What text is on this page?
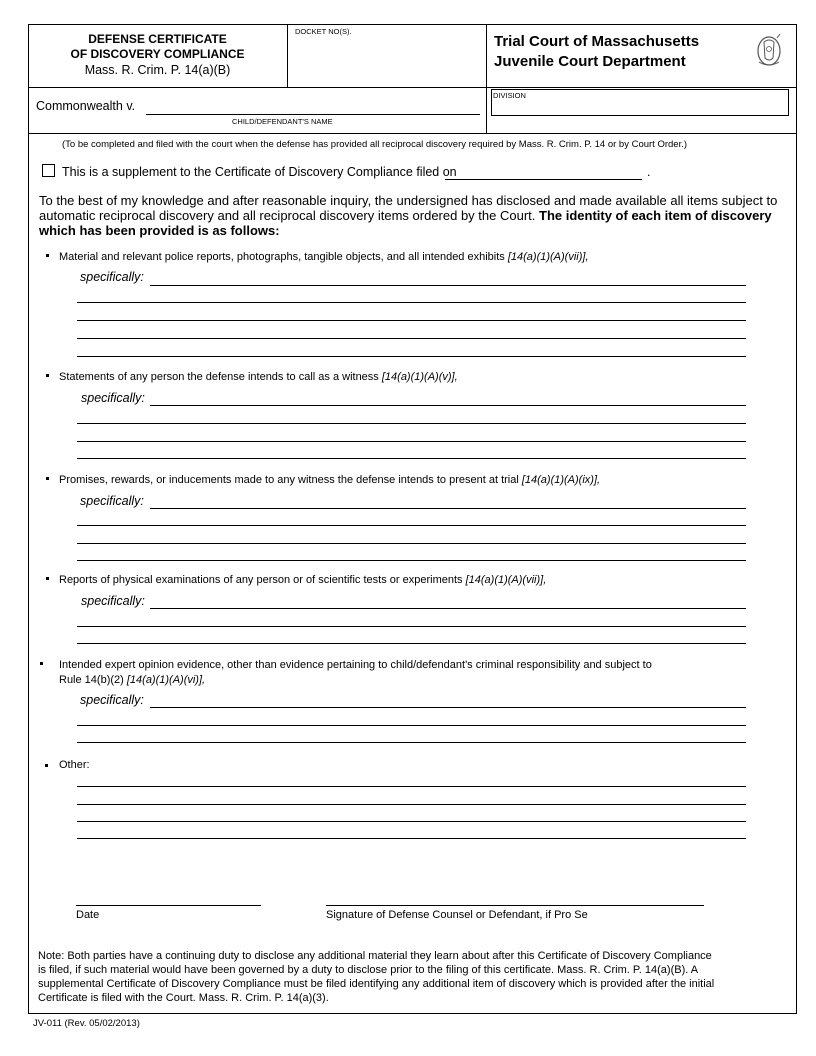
DEFENSE CERTIFICATE
OF DISCOVERY COMPLIANCE
Mass. R. Crim. P. 14(a)(B)
DOCKET NO(S).
Trial Court of Massachusetts
Juvenile Court Department
DIVISION
Commonwealth v.
CHILD/DEFENDANT'S NAME
(To be completed and filed with the court when the defense has provided all reciprocal discovery required by Mass. R. Crim. P. 14 or by Court Order.)
This is a supplement to the Certificate of Discovery Compliance filed on	.
To the best of my knowledge and after reasonable inquiry, the undersigned has disclosed and made available all items subject to automatic reciprocal discovery and all reciprocal discovery items ordered by the Court. The identity of each item of discovery which has been provided is as follows:
Material and relevant police reports, photographs, tangible objects, and all intended exhibits [14(a)(1)(A)(vii)],
specifically:
Statements of any person the defense intends to call as a witness [14(a)(1)(A)(v)],
specifically:
Promises, rewards, or inducements made to any witness the defense intends to present at trial [14(a)(1)(A)(ix)],
specifically:
Reports of physical examinations of any person or of scientific tests or experiments [14(a)(1)(A)(vii)],
specifically:
Intended expert opinion evidence, other than evidence pertaining to child/defendant's criminal responsibility and subject to
Rule 14(b)(2) [14(a)(1)(A)(vi)],
specifically:
Other:
Date	Signature of Defense Counsel or Defendant, if Pro Se
Note: Both parties have a continuing duty to disclose any additional material they learn about after this Certificate of Discovery Compliance
is filed, if such material would have been governed by a duty to disclose prior to the filing of this certificate. Mass. R. Crim. P. 14(a)(B). A
supplemental Certificate of Discovery Compliance must be filed identifying any additional item of discovery which is provided after the initial
Certificate is filed with the Court. Mass. R. Crim. P. 14(a)(3).
JV-011 (Rev. 05/02/2013)
